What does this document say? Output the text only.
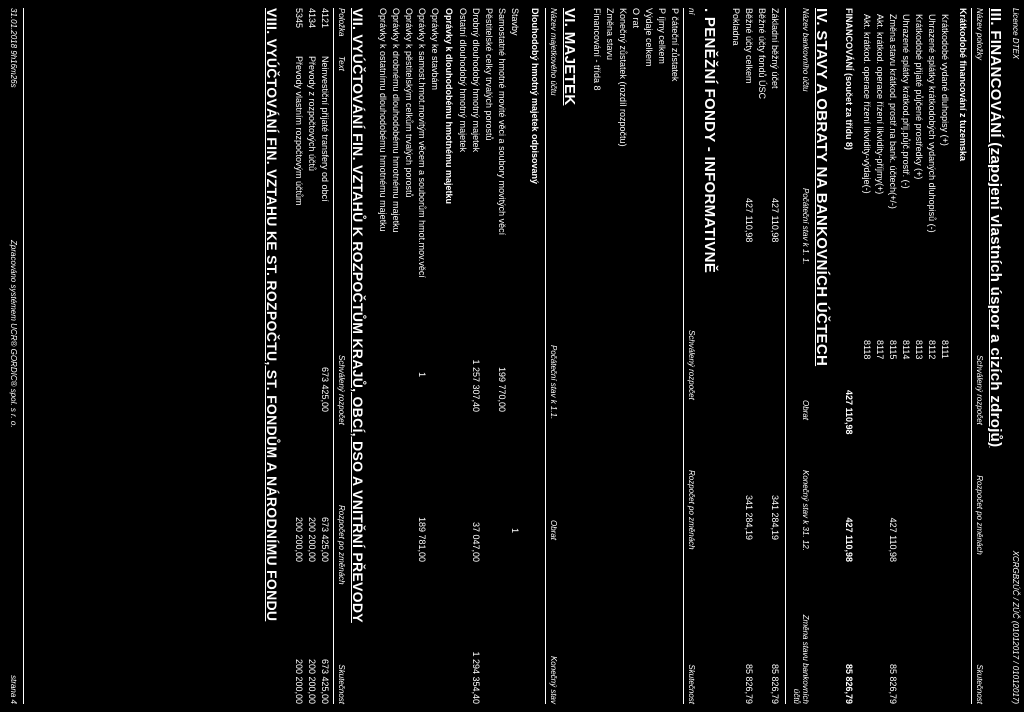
Licence DTEX
XCRGBZÚČ / ZÚČ (01012017 / 01012017)
III. FINANCOVÁNÍ (zapojení vlastních úspor a cizích zdrojů)
Název položky
Schválený rozpočet
Rozpočet po změnách
Skutečnost
Krátkodobé financování z tuzemska
Krátkodobé vydané dluhopisy (+)
8111
Uhrazené splátky krátkodobých vydaných dluhopisů (-)
8112
Krátkodobé přijaté půjčené prostředky (+)
8113
Uhrazené splátky krátkod.přij.půjč.prostř. (-)
8114
Změna stavu krátkod. prostř.na bank. účtech(+/-)
8115
427 110,98
85 826,79
Akt. krátkod. operace řízení likvidity-příjmy(+)
8117
Akt. krátkod. operace řízení likvidity-výdaje(-)
8118
FINANCOVÁNÍ (součet za třídu 8)
427 110,98
427 110,98
85 826,79
IV. STAVY A OBRATY NA BANKOVNÍCH ÚČTECH
Název bankovního účtu
Počáteční stav k 1. 1.
Obrat
Konečný stav k 31. 12.
Změna stavu bankovních účtů
Základní běžný účet
427 110,98
341 284,19
85 826,79
Běžné účty fondů ÚSC
Běžné účty celkem
427 110,98
341 284,19
85 826,79
Pokladna
. PENĚŽNÍ FONDY - INFORMATIVNĚ
ní
Schválený rozpočet
Rozpočet po změnách
Skutečnost
P čáteční zůstatek
P íjmy celkem
Výdaje celkem
O rat
Konečný zůstatek (rozdíl rozpočtu)
Změna stavu
Financování - třída 8
VI. MAJETEK
Název majetkového účtu
Počáteční stav k 1.1.
Obrat
Konečný stav
Dlouhodobý hmotný majetek odpisovaný
Stavby
1
Samostatné hmotné movité věci a soubory movitých věcí
199 770,00
Pěstitelské celky trvalých porostů
Drobný dlouhodobý hmotný majetek
1 257 307,40
37 047,00
1 294 354,40
Ostatní dlouhodobý hmotný majetek
Oprávky k dlouhodobému hmotnému majetku
Oprávky ke stavbám
Oprávky k samost.hmot.movitým věcem a souborům hmot.mov.věcí
1
189 781,00
Oprávky k pěstitelským celkům trvalých porostů
Oprávky k drobnému dlouhodobému hmotnému majetku
Oprávky k ostatnímu dlouhodobému hmotnému majetku
VII. VYÚČTOVÁNÍ FIN. VZTAHŮ K ROZPOČTŮM KRAJŮ, OBCÍ, DSO A VNITŘNÍ PŘEVODY
Položka
Text
Schválený rozpočet
Rozpočet po změnách
Skutečnost
4121
Neinvestiční přijaté transfery od obcí
673 425,00
673 425,00
673 425,00
4134
Převody z rozpočtových účtů
200 200,00
200 200,00
5345
Převody vlastním rozpočtovým účtům
200 200,00
200 200,00
VIII. VYÚČTOVÁNÍ FIN. VZTAHU KE ST. ROZPOČTU, ST. FONDŮM A NÁRODNÍMU FONDU
31.01.2018 9h16m26s
Zpracováno systémem UCR® GORDIC® spol. s r. o.
strana 4
